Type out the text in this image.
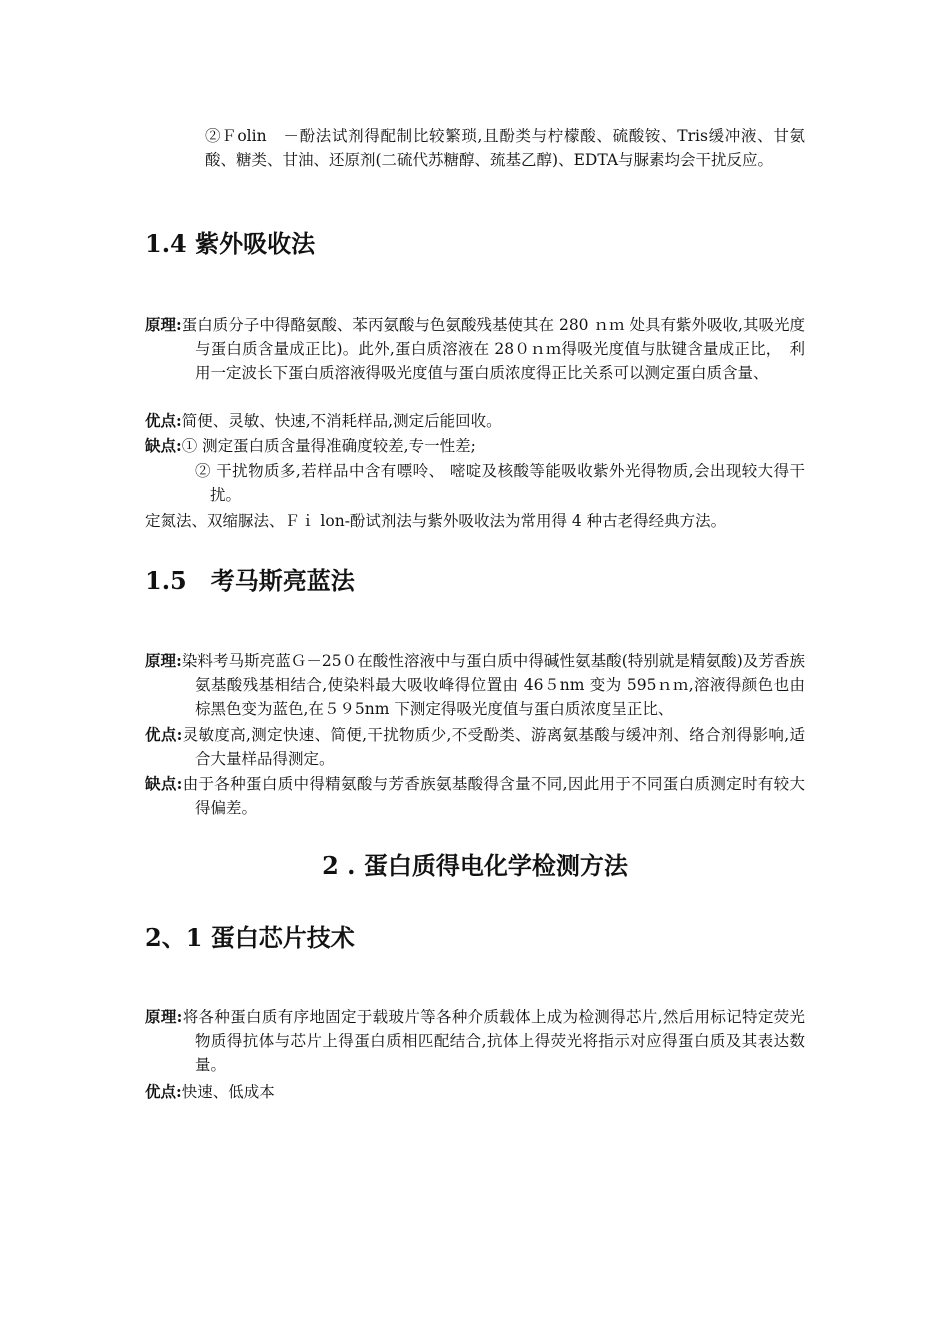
②Ｆolin　－酚法试剂得配制比较繁琐,且酚类与柠檬酸、硫酸铵、Tris缓冲液、甘氨酸、糖类、甘油、还原剂(二硫代苏糖醇、巯基乙醇)、EDTA与脲素均会干扰反应。

1.4 紫外吸收法

原理:蛋白质分子中得酪氨酸、苯丙氨酸与色氨酸残基使其在 280 ｎｍ 处具有紫外吸收,其吸光度与蛋白质含量成正比)。此外,蛋白质溶液在 28０ｎｍ得吸光度值与肽键含量成正比，　利用一定波长下蛋白质溶液得吸光度值与蛋白质浓度得正比关系可以测定蛋白质含量、

优点:简便、灵敏、快速,不消耗样品,测定后能回收。

缺点:① 测定蛋白质含量得准确度较差,专一性差;

② 干扰物质多,若样品中含有嘌呤、 嘧啶及核酸等能吸收紫外光得物质,会出现较大得干扰。

定氮法、双缩脲法、Ｆｉ lon-酚试剂法与紫外吸收法为常用得 4 种古老得经典方法。

1.5　考马斯亮蓝法

原理:染料考马斯亮蓝Ｇ－25０在酸性溶液中与蛋白质中得碱性氨基酸(特别就是精氨酸)及芳香族氨基酸残基相结合,使染料最大吸收峰得位置由 46５nm 变为 595ｎｍ,溶液得颜色也由棕黑色变为蓝色,在５９5nm 下测定得吸光度值与蛋白质浓度呈正比、

优点:灵敏度高,测定快速、简便,干扰物质少,不受酚类、游离氨基酸与缓冲剂、络合剂得影响,适合大量样品得测定。

缺点:由于各种蛋白质中得精氨酸与芳香族氨基酸得含量不同,因此用于不同蛋白质测定时有较大得偏差。

2 . 蛋白质得电化学检测方法
2、1 蛋白芯片技术

原理:将各种蛋白质有序地固定于载玻片等各种介质载体上成为检测得芯片,然后用标记特定荧光物质得抗体与芯片上得蛋白质相匹配结合,抗体上得荧光将指示对应得蛋白质及其表达数量。

优点:快速、低成本
